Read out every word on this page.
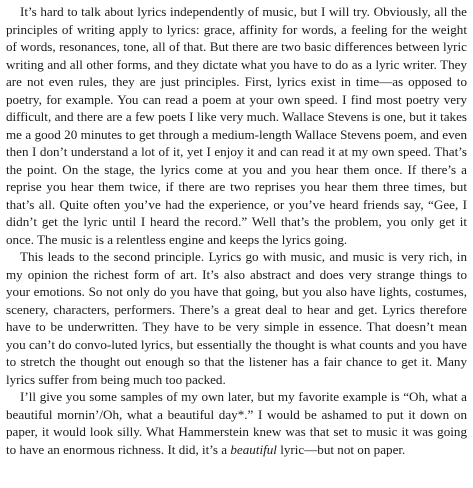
It’s hard to talk about lyrics independently of music, but I will try. Obviously, all the principles of writing apply to lyrics: grace, affinity for words, a feeling for the weight of words, resonances, tone, all of that. But there are two basic differences between lyric writing and all other forms, and they dictate what you have to do as a lyric writer. They are not even rules, they are just principles. First, lyrics exist in time—as opposed to poetry, for example. You can read a poem at your own speed. I find most poetry very difficult, and there are a few poets I like very much. Wallace Stevens is one, but it takes me a good 20 minutes to get through a medium-length Wallace Stevens poem, and even then I don’t understand a lot of it, yet I enjoy it and can read it at my own speed. That’s the point. On the stage, the lyrics come at you and you hear them once. If there’s a reprise you hear them twice, if there are two reprises you hear them three times, but that’s all. Quite often you’ve had the experience, or you’ve heard friends say, “Gee, I didn’t get the lyric until I heard the record.” Well that’s the problem, you only get it once. The music is a relentless engine and keeps the lyrics going.

This leads to the second principle. Lyrics go with music, and music is very rich, in my opinion the richest form of art. It’s also abstract and does very strange things to your emotions. So not only do you have that going, but you also have lights, costumes, scenery, characters, performers. There’s a great deal to hear and get. Lyrics therefore have to be underwritten. They have to be very simple in essence. That doesn’t mean you can’t do convo-luted lyrics, but essentially the thought is what counts and you have to stretch the thought out enough so that the listener has a fair chance to get it. Many lyrics suffer from being much too packed.

I’ll give you some samples of my own later, but my favorite example is “Oh, what a beautiful mornin’/Oh, what a beautiful day*.” I would be ashamed to put it down on paper, it would look silly. What Hammerstein knew was that set to music it was going to have an enormous richness. It did, it’s a beautiful lyric—but not on paper.
